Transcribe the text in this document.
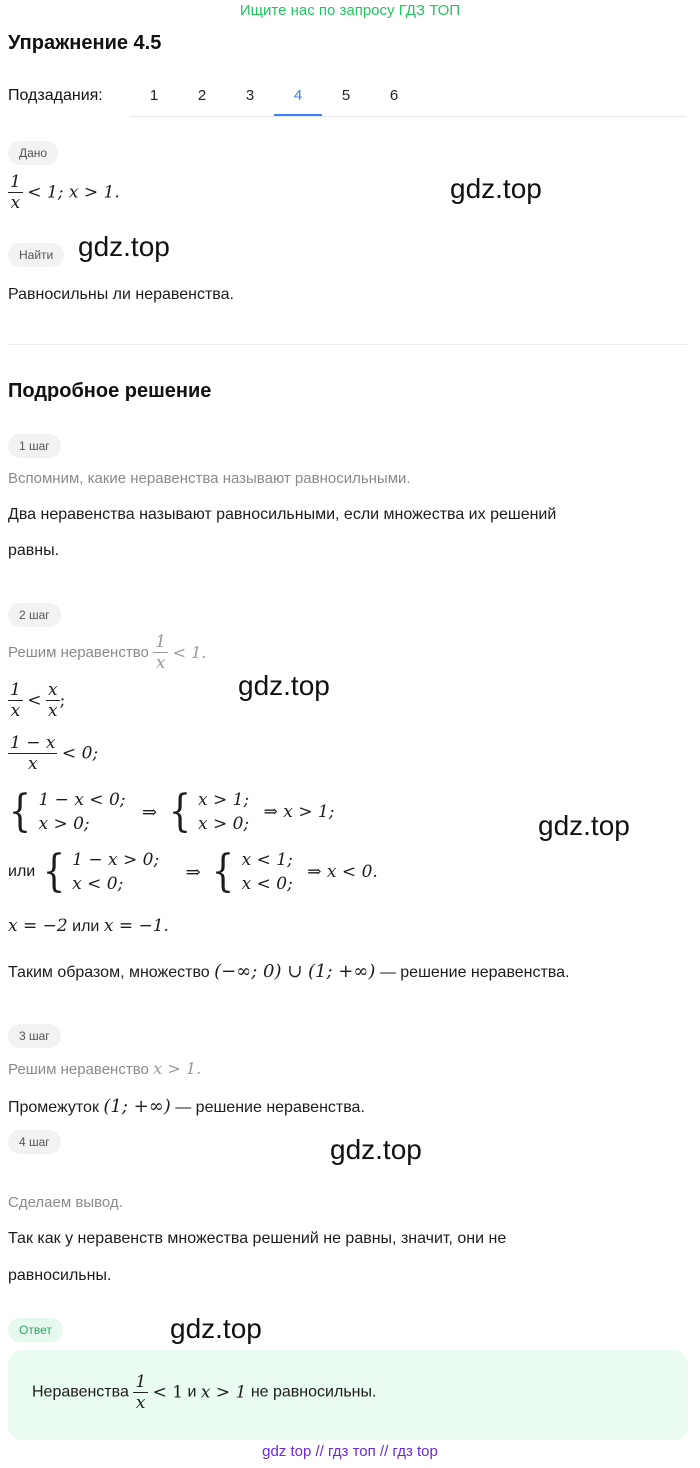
Ищите нас по запросу ГДЗ ТОП
Упражнение 4.5
Подзадания:	1	2	3	4	5	6
Дано
$\frac{1}{x} < 1$; x > 1.	gdz.top
Найти gdz.top
Равносильны ли неравенства.
Подробное решение
1 шаг
Вспомним, какие неравенства называют равносильными.
Два неравенства называют равносильными, если множества их решений
равны.
2 шаг
Решим неравенство $\frac{1}{x} < 1$.
gdz.top
$\frac{1}{x} < \frac{x}{x}$ ;
$\frac{1 - x}{x} < 0$;
{ 1 − x < 0;
x > 0;
⇒ { x > 1;
x > 0;
⇒ x > 1;	gdz.top
или { 1 − x > 0;
x < 0;
⇒ { x < 1;
x < 0;
⇒ x < 0.
x = −2 или x = −1.
Таким образом, множество (−∞; 0) ∪ (1; +∞) — решение неравенства.
3 шаг
Решим неравенство x > 1.
Промежуток (1; +∞) — решение неравенства.
gdz.top
4 шаг
Сделаем вывод.
Так как у неравенств множества решений не равны, значит, они не
равносильны.
Ответ	gdz.top
Неравенства $\frac{1}{x} < 1$ и x > 1 не равносильны.
gdz top // гдз топ // гдз top
